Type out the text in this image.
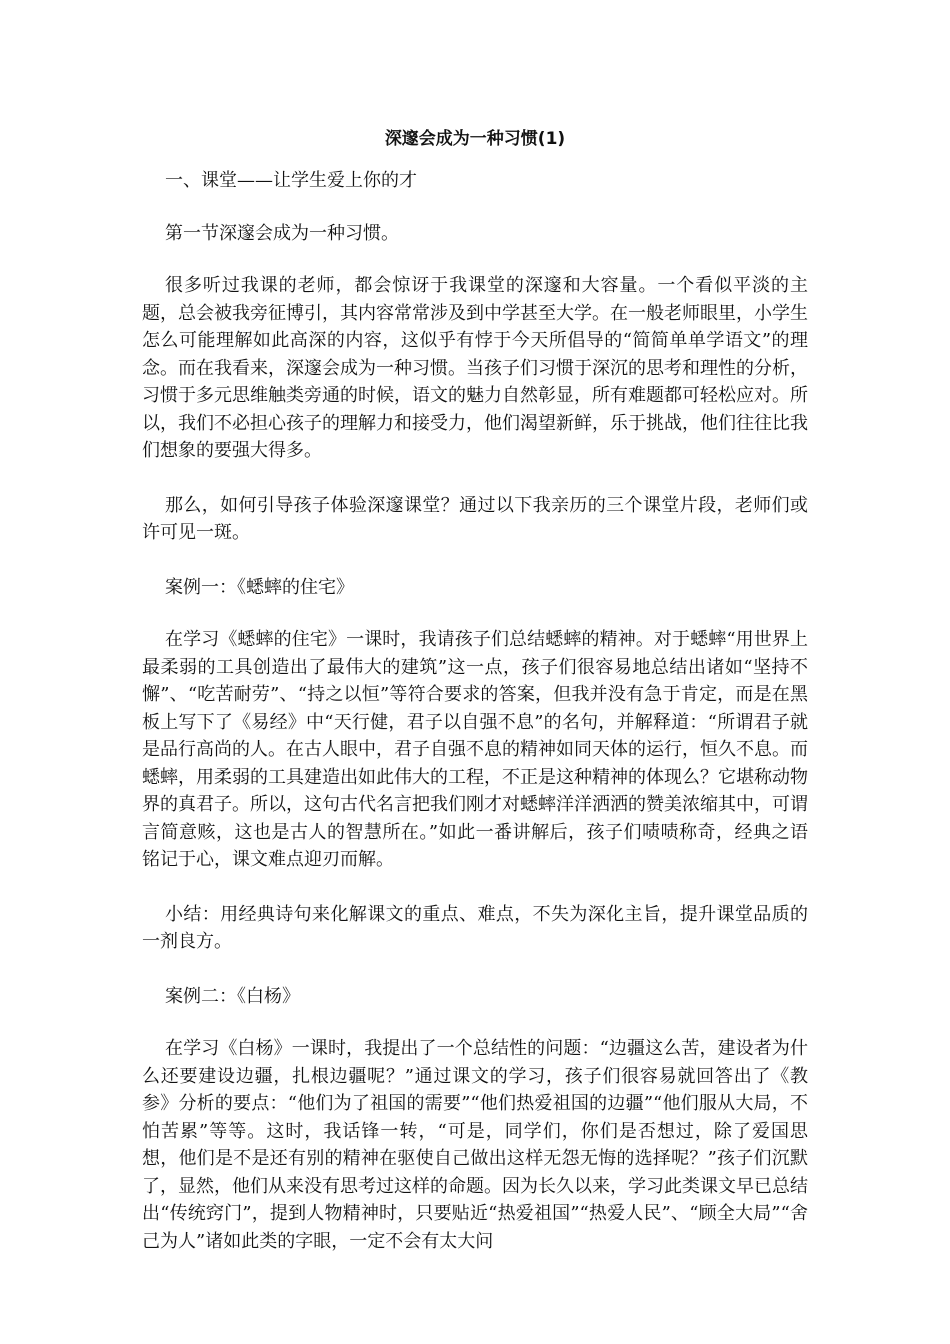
深邃会成为一种习惯(1)

一、课堂——让学生爱上你的才

第一节深邃会成为一种习惯。

很多听过我课的老师，都会惊讶于我课堂的深邃和大容量。一个看似平淡的主题，总会被我旁征博引，其内容常常涉及到中学甚至大学。在一般老师眼里，小学生怎么可能理解如此高深的内容，这似乎有悖于今天所倡导的“简简单单学语文”的理念。而在我看来，深邃会成为一种习惯。当孩子们习惯于深沉的思考和理性的分析，习惯于多元思维触类旁通的时候，语文的魅力自然彰显，所有难题都可轻松应对。所以，我们不必担心孩子的理解力和接受力，他们渴望新鲜，乐于挑战，他们往往比我们想象的要强大得多。

那么，如何引导孩子体验深邃课堂？通过以下我亲历的三个课堂片段，老师们或许可见一斑。

案例一：《蟋蟀的住宅》

在学习《蟋蟀的住宅》一课时，我请孩子们总结蟋蟀的精神。对于蟋蟀“用世界上最柔弱的工具创造出了最伟大的建筑”这一点，孩子们很容易地总结出诸如“坚持不懈”、“吃苦耐劳”、“持之以恒”等符合要求的答案，但我并没有急于肯定，而是在黑板上写下了《易经》中“天行健，君子以自强不息”的名句，并解释道：“所谓君子就是品行高尚的人。在古人眼中，君子自强不息的精神如同天体的运行，恒久不息。而蟋蟀，用柔弱的工具建造出如此伟大的工程，不正是这种精神的体现么？它堪称动物界的真君子。所以，这句古代名言把我们刚才对蟋蟀洋洋洒洒的赞美浓缩其中，可谓言简意赅，这也是古人的智慧所在。”如此一番讲解后，孩子们啧啧称奇，经典之语铭记于心，课文难点迎刃而解。

小结：用经典诗句来化解课文的重点、难点，不失为深化主旨，提升课堂品质的一剂良方。

案例二：《白杨》

在学习《白杨》一课时，我提出了一个总结性的问题：“边疆这么苦，建设者为什么还要建设边疆，扎根边疆呢？”通过课文的学习，孩子们很容易就回答出了《教参》分析的要点：“他们为了祖国的需要”“他们热爱祖国的边疆”“他们服从大局，不怕苦累”等等。这时，我话锋一转，“可是，同学们，你们是否想过，除了爱国思想，他们是不是还有别的精神在驱使自己做出这样无怨无悔的选择呢？”孩子们沉默了，显然，他们从来没有思考过这样的命题。因为长久以来，学习此类课文早已总结出“传统窍门”，提到人物精神时，只要贴近“热爱祖国”“热爱人民”、“顾全大局”“舍己为人”诸如此类的字眼，一定不会有太大问
